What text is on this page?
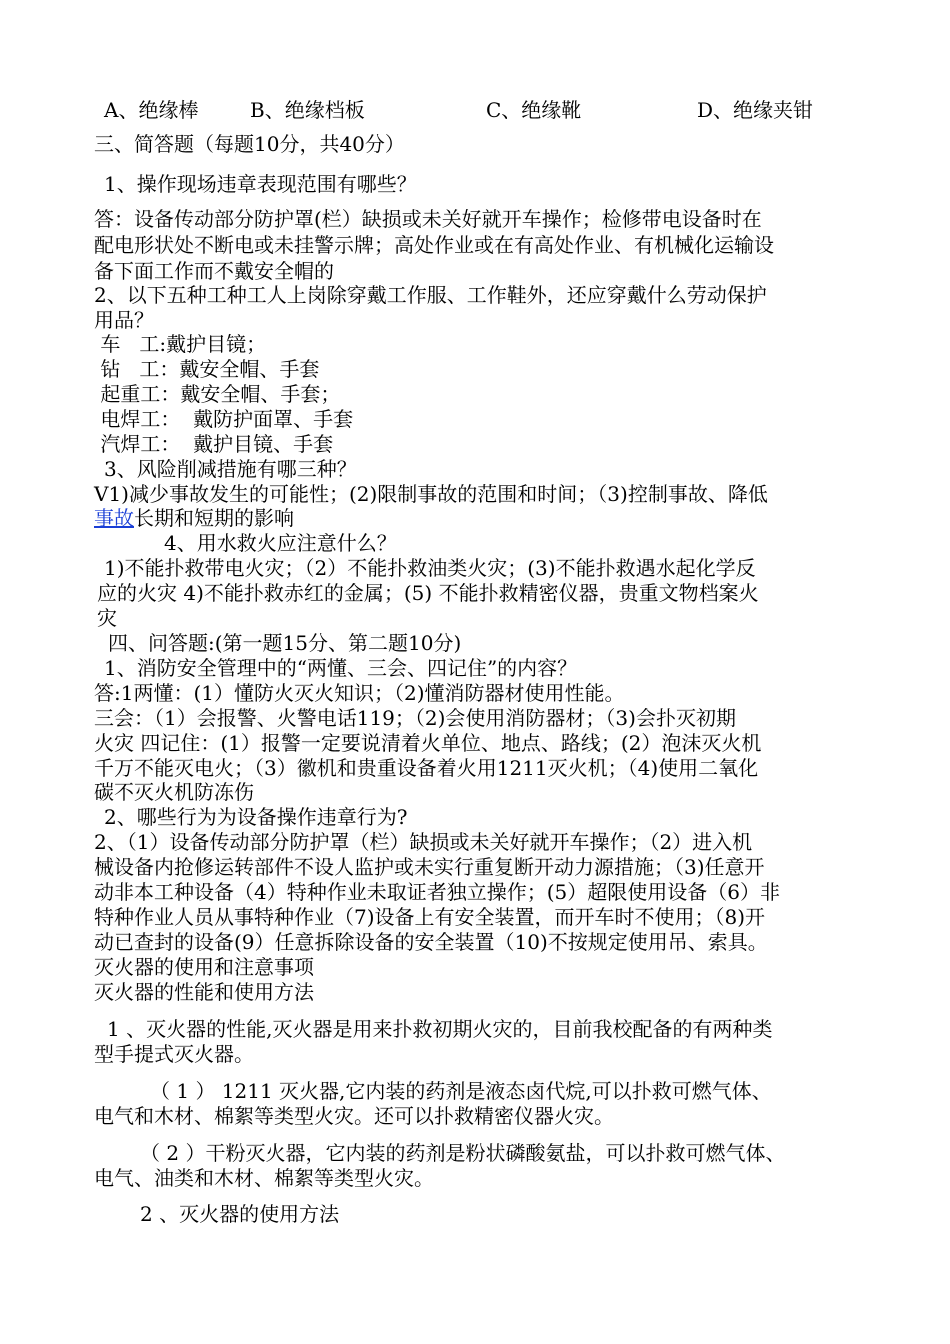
A、绝缘棒	B、绝缘档板	C、绝缘靴	D、绝缘夹钳
三、简答题（每题10分，共40分）
1、操作现场违章表现范围有哪些？
答：设备传动部分防护罩(栏）缺损或未关好就开车操作；检修带电设备时在
配电形状处不断电或未挂警示牌；高处作业或在有高处作业、有机械化运输设
备下面工作而不戴安全帽的
2、以下五种工种工人上岗除穿戴工作服、工作鞋外，还应穿戴什么劳动保护
用品？
车   工:戴护目镜；
钻   工：戴安全帽、手套
起重工：戴安全帽、手套；
电焊工：  戴防护面罩、手套
汽焊工：  戴护目镜、手套
3、风险削减措施有哪三种？
V1)减少事故发生的可能性；(2)限制事故的范围和时间；（3)控制事故、降低
事故长期和短期的影响
4、用水救火应注意什么？
1)不能扑救带电火灾；（2）不能扑救油类火灾；(3)不能扑救遇水起化学反
应的火灾 4)不能扑救赤红的金属；(5) 不能扑救精密仪器，贵重文物档案火
灾
四、问答题:(第一题15分、第二题10分)
1、消防安全管理中的“两懂、三会、四记住”的内容？
答:1两懂：(1）懂防火灭火知识；（2)懂消防器材使用性能。
三会：（1）会报警、火警电话119；（2)会使用消防器材；（3)会扑灭初期
火灾 四记住：(1）报警一定要说清着火单位、地点、路线；(2）泡沫灭火机
千万不能灭电火；（3）徽机和贵重设备着火用1211灭火机；（4)使用二氧化
碳不灭火机防冻伤
2、哪些行为为设备操作违章行为?
2、（1）设备传动部分防护罩（栏）缺损或未关好就开车操作；（2）进入机
械设备内抢修运转部件不设人监护或未实行重复断开动力源措施；（3)任意开
动非本工种设备（4）特种作业未取证者独立操作；(5）超限使用设备（6）非
特种作业人员从事特种作业（7)设备上有安全装置，而开车时不使用；（8)开
动已查封的设备(9）任意拆除设备的安全装置（10)不按规定使用吊、索具。
灭火器的使用和注意事项
灭火器的性能和使用方法
1 、灭火器的性能,灭火器是用来扑救初期火灾的，目前我校配备的有两种类
型手提式灭火器。
（ 1 ） 1211 灭火器,它内装的药剂是液态卤代烷,可以扑救可燃气体、
电气和木材、棉絮等类型火灾。还可以扑救精密仪器火灾。
（ 2 ）干粉灭火器，它内装的药剂是粉状磷酸氨盐，可以扑救可燃气体、
电气、油类和木材、棉絮等类型火灾。
2 、灭火器的使用方法
